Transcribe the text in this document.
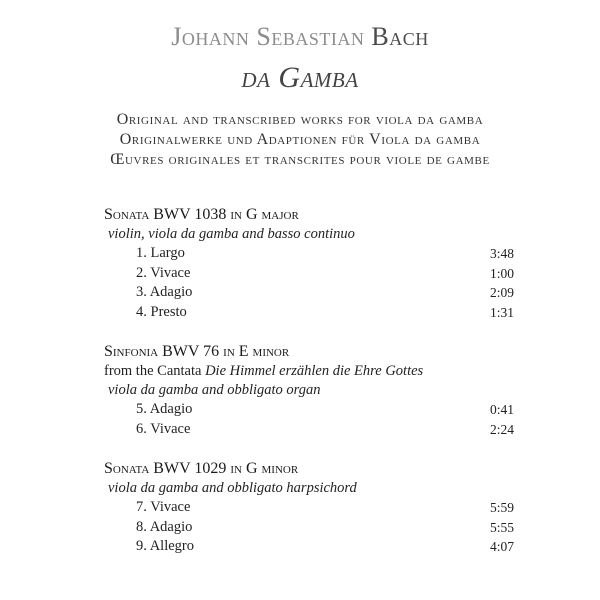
Johann Sebastian Bach
da Gamba
Original and transcribed works for viola da gamba
Originalwerke und Adaptionen für Viola da gamba
Œuvres originales et transcrites pour viole de gambe
Sonata BWV 1038 in G major
violin, viola da gamba and basso continuo
1. Largo	3:48
2. Vivace	1:00
3. Adagio	2:09
4. Presto	1:31
Sinfonia BWV 76 in E minor
from the Cantata Die Himmel erzählen die Ehre Gottes
viola da gamba and obbligato organ
5. Adagio	0:41
6. Vivace	2:24
Sonata BWV 1029 in G minor
viola da gamba and obbligato harpsichord
7. Vivace	5:59
8. Adagio	5:55
9. Allegro	4:07
